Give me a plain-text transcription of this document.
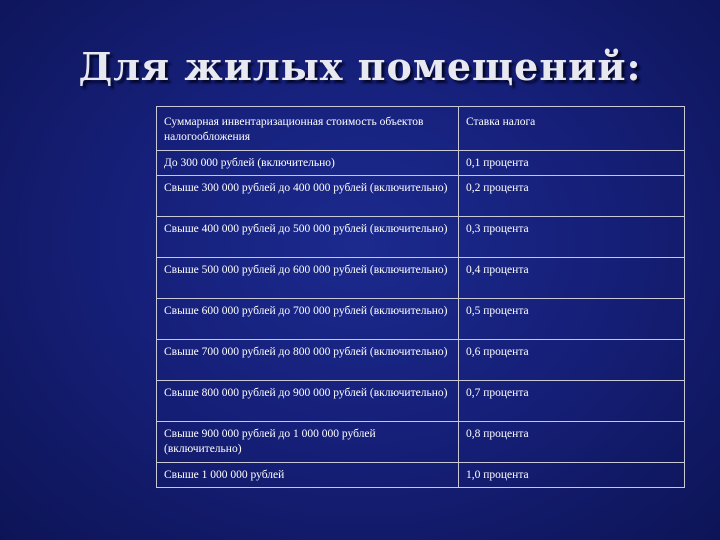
Для жилых помещений:
Суммарная инвентаризационная стоимость объектов налогообложения	Ставка налога
До 300 000 рублей (включительно)	0,1 процента
Свыше 300 000 рублей до 400 000 рублей (включительно)	0,2 процента
Свыше 400 000 рублей до 500 000 рублей (включительно)	0,3 процента
Свыше 500 000 рублей до 600 000 рублей (включительно)	0,4 процента
Свыше 600 000 рублей до 700 000 рублей (включительно)	0,5 процента
Свыше 700 000 рублей до 800 000 рублей (включительно)	0,6 процента
Свыше 800 000 рублей до 900 000 рублей (включительно)	0,7 процента
Свыше 900 000 рублей до 1 000 000 рублей (включительно)	0,8 процента
Свыше 1 000 000 рублей	1,0 процента
